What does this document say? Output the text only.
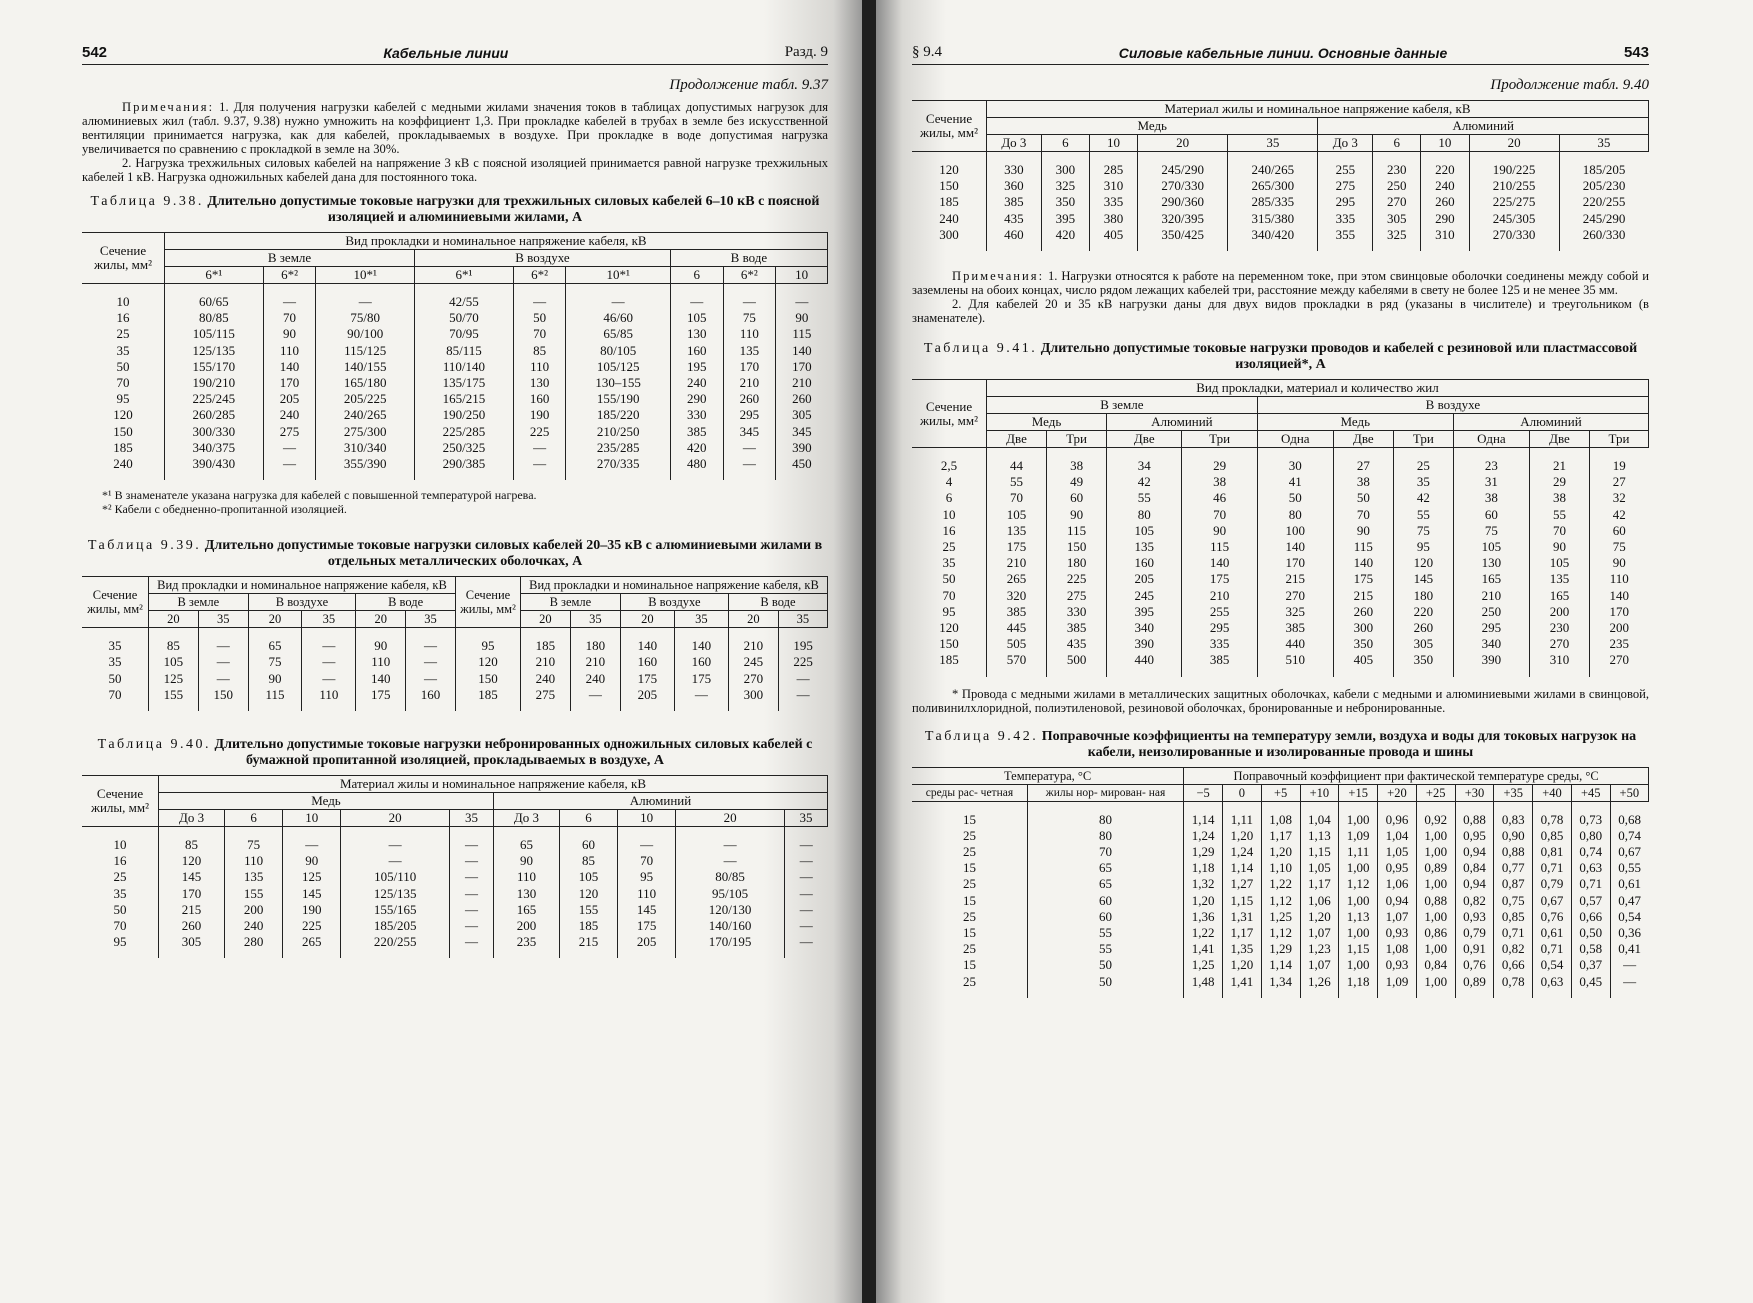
542	Кабельные линии	Разд. 9
Продолжение табл. 9.37

Примечания: 1. Для получения нагрузки кабелей с медными жилами значения токов в таблицах допустимых нагрузок для алюминиевых жил (табл. 9.37, 9.38) нужно умножить на коэффициент 1,3. При прокладке кабелей в трубах в земле без искусственной вентиляции принимается нагрузка, как для кабелей, прокладываемых в воздухе. При прокладке в воде допустимая нагрузка увеличивается по сравнению с прокладкой в земле на 30%.

2. Нагрузка трехжильных силовых кабелей на напряжение 3 кВ с поясной изоляцией принимается равной нагрузке трехжильных кабелей 1 кВ. Нагрузка одножильных кабелей дана для постоянного тока.

Таблица 9.38. Длительно допустимые токовые нагрузки для трехжильных силовых кабелей 6–10 кВ с поясной изоляцией и алюминиевыми жилами, А
Сечение жилы, мм²	Вид прокладки и номинальное напряжение кабеля, кВ								
	В земле			В воздухе			В воде		
	6*¹	6*²	10*¹	6*¹	6*²	10*¹	6	6*²	10
10	60/65	—	—	42/55	—	—	—	—	—
16	80/85	70	75/80	50/70	50	46/60	105	75	90
25	105/115	90	90/100	70/95	70	65/85	130	110	115
35	125/135	110	115/125	85/115	85	80/105	160	135	140
50	155/170	140	140/155	110/140	110	105/125	195	170	170
70	190/210	170	165/180	135/175	130	130–155	240	210	210
95	225/245	205	205/225	165/215	160	155/190	290	260	260
120	260/285	240	240/265	190/250	190	185/220	330	295	305
150	300/330	275	275/300	225/285	225	210/250	385	345	345
185	340/375	—	310/340	250/325	—	235/285	420	—	390
240	390/430	—	355/390	290/385	—	270/335	480	—	450
*¹ В знаменателе указана нагрузка для кабелей с повышенной температурой нагрева.
*² Кабели с обедненно-пропитанной изоляцией.
Таблица 9.39. Длительно допустимые токовые нагрузки силовых кабелей 20–35 кВ с алюминиевыми жилами в отдельных металлических оболочках, А
Сечение жилы, мм²	Вид прокладки и номинальное напряжение кабеля, кВ						Сечение жилы, мм²	Вид прокладки и номинальное напряжение кабеля, кВ					
	В земле		В воздухе		В воде			В земле		В воздухе		В воде	
	20	35	20	35	20	35		20	35	20	35	20	35
35	85	—	65	—	90	—	95	185	180	140	140	210	195
35	105	—	75	—	110	—	120	210	210	160	160	245	225
50	125	—	90	—	140	—	150	240	240	175	175	270	—
70	155	150	115	110	175	160	185	275	—	205	—	300	—
Таблица 9.40. Длительно допустимые токовые нагрузки небронированных одножильных силовых кабелей с бумажной пропитанной изоляцией, прокладываемых в воздухе, А
Сечение жилы, мм²	Материал жилы и номинальное напряжение кабеля, кВ									
	Медь					Алюминий				
	До 3	6	10	20	35	До 3	6	10	20	35
10	85	75	—	—	—	65	60	—	—	—
16	120	110	90	—	—	90	85	70	—	—
25	145	135	125	105/110	—	110	105	95	80/85	—
35	170	155	145	125/135	—	130	120	110	95/105	—
50	215	200	190	155/165	—	165	155	145	120/130	—
70	260	240	225	185/205	—	200	185	175	140/160	—
95	305	280	265	220/255	—	235	215	205	170/195	—
§ 9.4	Силовые кабельные линии. Основные данные	543
Продолжение табл. 9.40
Сечение жилы, мм²	Материал жилы и номинальное напряжение кабеля, кВ									
	Медь					Алюминий				
	До 3	6	10	20	35	До 3	6	10	20	35
120	330	300	285	245/290	240/265	255	230	220	190/225	185/205
150	360	325	310	270/330	265/300	275	250	240	210/255	205/230
185	385	350	335	290/360	285/335	295	270	260	225/275	220/255
240	435	395	380	320/395	315/380	335	305	290	245/305	245/290
300	460	420	405	350/425	340/420	355	325	310	270/330	260/330

Примечания: 1. Нагрузки относятся к работе на переменном токе, при этом свинцовые оболочки соединены между собой и заземлены на обоих концах, число рядом лежащих кабелей три, расстояние между кабелями в свету не более 125 и не менее 35 мм.

2. Для кабелей 20 и 35 кВ нагрузки даны для двух видов прокладки в ряд (указаны в числителе) и треугольником (в знаменателе).

Таблица 9.41. Длительно допустимые токовые нагрузки проводов и кабелей с резиновой или пластмассовой изоляцией*, А
Сечение жилы, мм²	Вид прокладки, материал и количество жил									
	В земле				В воздухе					
	Медь		Алюминий		Медь			Алюминий		
	Две	Три	Две	Три	Одна	Две	Три	Одна	Две	Три
2,5	44	38	34	29	30	27	25	23	21	19
4	55	49	42	38	41	38	35	31	29	27
6	70	60	55	46	50	50	42	38	38	32
10	105	90	80	70	80	70	55	60	55	42
16	135	115	105	90	100	90	75	75	70	60
25	175	150	135	115	140	115	95	105	90	75
35	210	180	160	140	170	140	120	130	105	90
50	265	225	205	175	215	175	145	165	135	110
70	320	275	245	210	270	215	180	210	165	140
95	385	330	395	255	325	260	220	250	200	170
120	445	385	340	295	385	300	260	295	230	200
150	505	435	390	335	440	350	305	340	270	235
185	570	500	440	385	510	405	350	390	310	270

* Провода с медными жилами в металлических защитных оболочках, кабели с медными и алюминиевыми жилами в свинцовой, поливинилхлоридной, полиэтиленовой, резиновой оболочках, бронированные и небронированные.

Таблица 9.42. Поправочные коэффициенты на температуру земли, воздуха и воды для токовых нагрузок на кабели, неизолированные и изолированные провода и шины
Температура, °С		Поправочный коэффициент при фактической температуре среды, °С											
среды рас- четная	жилы нор- мирован- ная	−5	0	+5	+10	+15	+20	+25	+30	+35	+40	+45	+50
15	80	1,14	1,11	1,08	1,04	1,00	0,96	0,92	0,88	0,83	0,78	0,73	0,68
25	80	1,24	1,20	1,17	1,13	1,09	1,04	1,00	0,95	0,90	0,85	0,80	0,74
25	70	1,29	1,24	1,20	1,15	1,11	1,05	1,00	0,94	0,88	0,81	0,74	0,67
15	65	1,18	1,14	1,10	1,05	1,00	0,95	0,89	0,84	0,77	0,71	0,63	0,55
25	65	1,32	1,27	1,22	1,17	1,12	1,06	1,00	0,94	0,87	0,79	0,71	0,61
15	60	1,20	1,15	1,12	1,06	1,00	0,94	0,88	0,82	0,75	0,67	0,57	0,47
25	60	1,36	1,31	1,25	1,20	1,13	1,07	1,00	0,93	0,85	0,76	0,66	0,54
15	55	1,22	1,17	1,12	1,07	1,00	0,93	0,86	0,79	0,71	0,61	0,50	0,36
25	55	1,41	1,35	1,29	1,23	1,15	1,08	1,00	0,91	0,82	0,71	0,58	0,41
15	50	1,25	1,20	1,14	1,07	1,00	0,93	0,84	0,76	0,66	0,54	0,37	—
25	50	1,48	1,41	1,34	1,26	1,18	1,09	1,00	0,89	0,78	0,63	0,45	—
